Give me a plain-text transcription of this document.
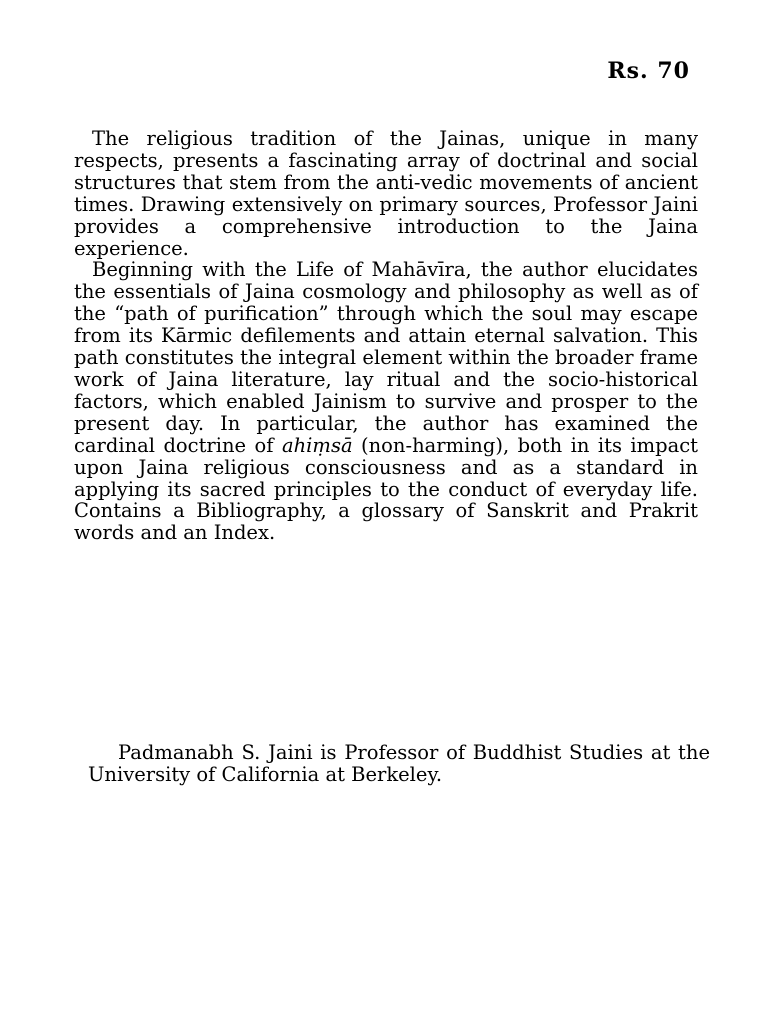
Rs. 70

The religious tradition of the Jainas, unique in many respects, presents a fascinating array of doctrinal and social structures that stem from the anti-vedic movements of ancient times. Drawing extensively on primary sources, Professor Jaini provides a comprehensive introduction to the Jaina experience.

Beginning with the Life of Mahāvīra, the author elucidates the essentials of Jaina cosmology and philosophy as well as of the “path of purification” through which the soul may escape from its Kārmic defilements and attain eternal salvation. This path constitutes the integral element within the broader frame work of Jaina literature, lay ritual and the socio-historical factors, which enabled Jainism to survive and prosper to the present day. In particular, the author has examined the cardinal doctrine of ahiṃsā (non-harming), both in its impact upon Jaina religious consciousness and as a standard in applying its sacred principles to the conduct of everyday life. Contains a Bibliography, a glossary of Sanskrit and Prakrit words and an Index.

Padmanabh S. Jaini is Professor of Buddhist Studies at the University of California at Berkeley.
